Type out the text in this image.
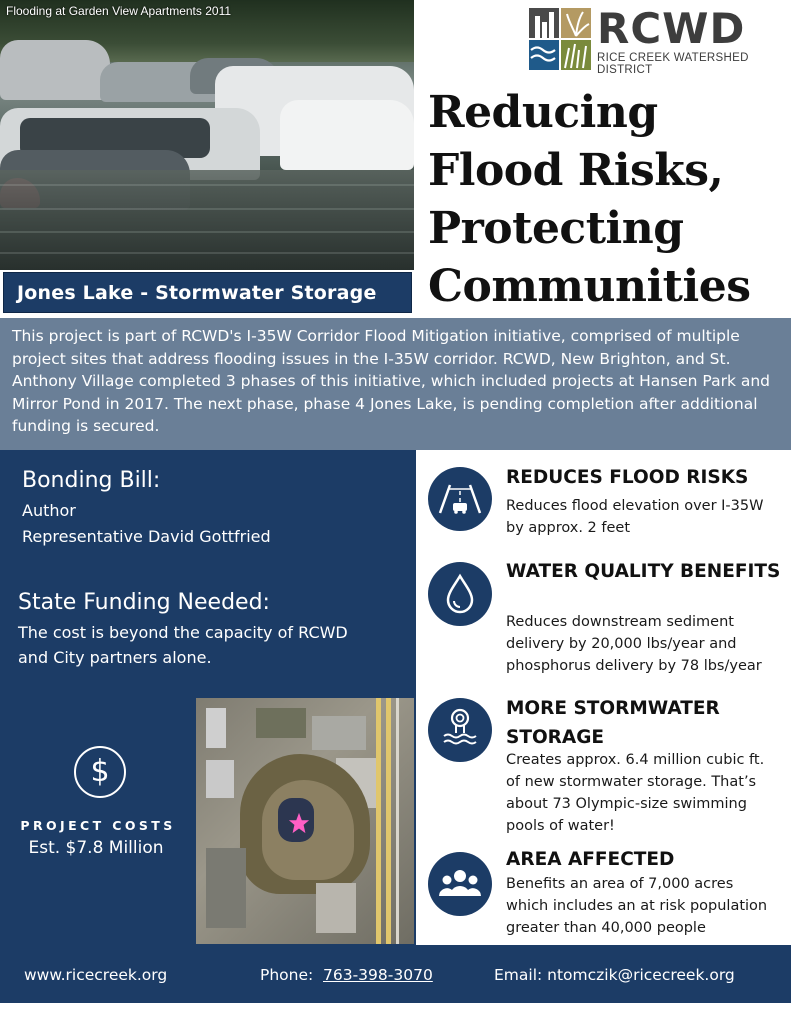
Flooding at Garden View Apartments 2011
Jones Lake - Stormwater Storage
RCWD
RICE CREEK WATERSHED DISTRICT
Reducing
Flood Risks,
Protecting
Communities

This project is part of RCWD's I-35W Corridor Flood Mitigation initiative, comprised of multiple project sites that address flooding issues in the I-35W corridor. RCWD, New Brighton, and St. Anthony Village completed 3 phases of this initiative, which included projects at Hansen Park and Mirror Pond in 2017. The next phase, phase 4 Jones Lake, is pending completion after additional funding is secured.

Bonding Bill:
Author
Representative David Gottfried
State Funding Needed:
The cost is beyond the capacity of RCWD and City partners alone.
$
PROJECT COSTS
Est. $7.8 Million
REDUCES FLOOD RISKS
Reduces flood elevation over I-35W by approx. 2 feet
WATER QUALITY BENEFITS
Reduces downstream sediment delivery by 20,000 lbs/year and phosphorus delivery by 78 lbs/year
MORE STORMWATER STORAGE
Creates approx. 6.4 million cubic ft. of new stormwater storage. That’s about 73 Olympic-size swimming pools of water!
AREA AFFECTED
Benefits an area of 7,000 acres which includes an at risk population greater than 40,000 people
www.ricecreek.org	Phone: 763-398-3070	Email: ntomczik@ricecreek.org
